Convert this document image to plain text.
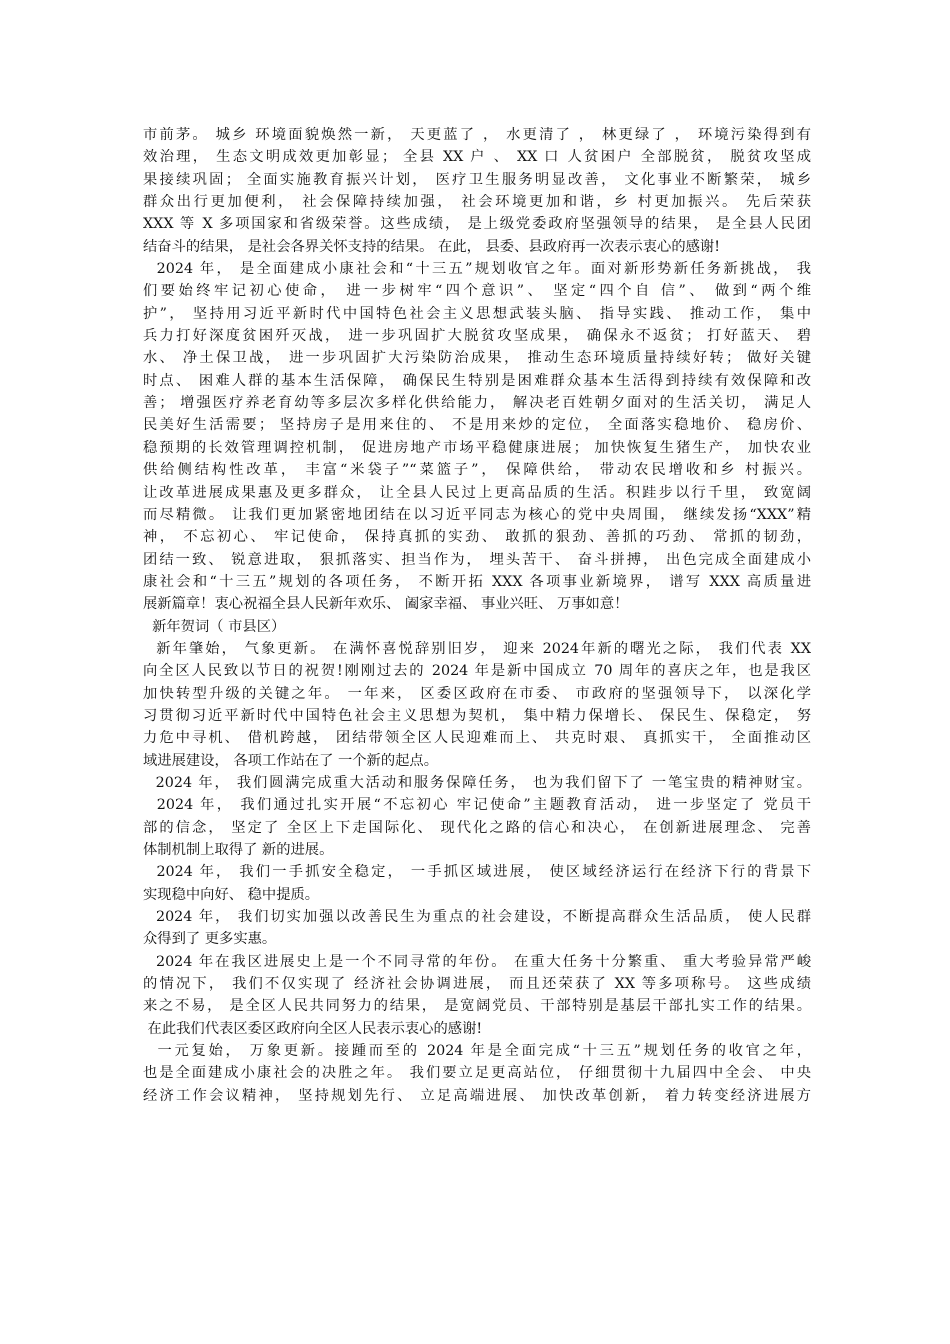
市前茅。 城乡 环境面貌焕然一新， 天更蓝了 ， 水更清了 ， 林更绿了 ， 环境污染得到有
效治理， 生态文明成效更加彰显； 全县 XX 户 、 XX 口 人贫困户 全部脱贫， 脱贫攻坚成
果接续巩固； 全面实施教育振兴计划， 医疗卫生服务明显改善， 文化事业不断繁荣， 城乡
群众出行更加便利， 社会保障持续加强， 社会环境更加和谐，乡 村更加振兴。 先后荣获
XXX 等 X 多项国家和省级荣誉。这些成绩， 是上级党委政府坚强领导的结果， 是全县人民团
结奋斗的结果， 是社会各界关怀支持的结果。 在此， 县委、县政府再一次表示衷心的感谢!
2024 年， 是全面建成小康社会和“十三五”规划收官之年。面对新形势新任务新挑战， 我
们要始终牢记初心使命， 进一步树牢“四个意识”、 坚定“四个自 信”、 做到“两个维
护”， 坚持用习近平新时代中国特色社会主义思想武装头脑、 指导实践、 推动工作， 集中
兵力打好深度贫困歼灭战， 进一步巩固扩大脱贫攻坚成果， 确保永不返贫； 打好蓝天、 碧
水、 净土保卫战， 进一步巩固扩大污染防治成果， 推动生态环境质量持续好转； 做好关键
时点、 困难人群的基本生活保障， 确保民生特别是困难群众基本生活得到持续有效保障和改
善； 增强医疗养老育幼等多层次多样化供给能力， 解决老百姓朝夕面对的生活关切， 满足人
民美好生活需要； 坚持房子是用来住的、 不是用来炒的定位， 全面落实稳地价、 稳房价、
稳预期的长效管理调控机制， 促进房地产市场平稳健康进展； 加快恢复生猪生产， 加快农业
供给侧结构性改革， 丰富“米袋子”“菜篮子”， 保障供给， 带动农民增收和乡 村振兴。
让改革进展成果惠及更多群众， 让全县人民过上更高品质的生活。积跬步以行千里， 致宽阔
而尽精微。 让我们更加紧密地团结在以习近平同志为核心的党中央周围， 继续发扬“XXX”精
神， 不忘初心、 牢记使命， 保持真抓的实劲、 敢抓的狠劲、善抓的巧劲、 常抓的韧劲，
团结一致、 锐意进取， 狠抓落实、担当作为， 埋头苦干、 奋斗拼搏， 出色完成全面建成小
康社会和“十三五”规划的各项任务， 不断开拓 XXX 各项事业新境界， 谱写 XXX 高质量进
展新篇章！衷心祝福全县人民新年欢乐、 阖家幸福、 事业兴旺、 万事如意！
新年贺词（ 市县区）
新年肇始， 气象更新。 在满怀喜悦辞别旧岁， 迎来 2024年新的曙光之际， 我们代表 XX
向全区人民致以节日的祝贺!刚刚过去的 2024 年是新中国成立 70 周年的喜庆之年，也是我区
加快转型升级的关键之年。 一年来， 区委区政府在市委、 市政府的坚强领导下， 以深化学
习贯彻习近平新时代中国特色社会主义思想为契机， 集中精力保增长、 保民生、保稳定， 努
力危中寻机、 借机跨越， 团结带领全区人民迎难而上、 共克时艰、 真抓实干， 全面推动区
域进展建设， 各项工作站在了 一个新的起点。
2024 年， 我们圆满完成重大活动和服务保障任务， 也为我们留下了 一笔宝贵的精神财宝。
2024 年， 我们通过扎实开展“不忘初心 牢记使命”主题教育活动， 进一步坚定了 党员干
部的信念， 坚定了 全区上下走国际化、 现代化之路的信心和决心， 在创新进展理念、 完善
体制机制上取得了 新的进展。
2024 年， 我们一手抓安全稳定， 一手抓区域进展， 使区域经济运行在经济下行的背景下
实现稳中向好、 稳中提质。
2024 年， 我们切实加强以改善民生为重点的社会建设，不断提高群众生活品质， 使人民群
众得到了 更多实惠。
2024 年在我区进展史上是一个不同寻常的年份。 在重大任务十分繁重、 重大考验异常严峻
的情况下， 我们不仅实现了 经济社会协调进展， 而且还荣获了 XX 等多项称号。 这些成绩
来之不易， 是全区人民共同努力的结果， 是宽阔党员、干部特别是基层干部扎实工作的结果。
在此我们代表区委区政府向全区人民表示衷心的感谢!
一元复始， 万象更新。接踵而至的 2024 年是全面完成“十三五”规划任务的收官之年，
也是全面建成小康社会的决胜之年。 我们要立足更高站位， 仔细贯彻十九届四中全会、 中央
经济工作会议精神， 坚持规划先行、 立足高端进展、 加快改革创新， 着力转变经济进展方
